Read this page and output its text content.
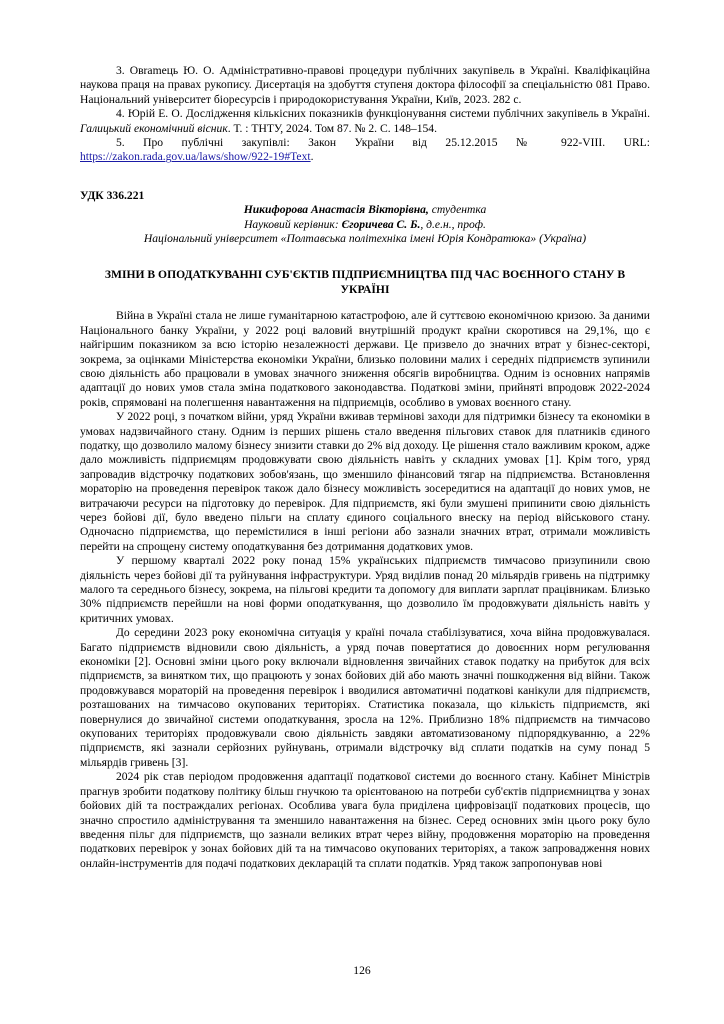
3. Овramець Ю. О. Адміністративно-правові процедури публічних закупівель в Україні. Кваліфікаційна наукова праця на правах рукопису. Дисертація на здобуття ступеня доктора філософії за спеціальністю 081 Право. Національний університет біоресурсів і природокористування України, Київ, 2023. 282 с.

4. Юрій Е. О. Дослідження кількісних показників функціонування системи публічних закупівель в Україні. Галицький економічний вісник. Т. : ТНТУ, 2024. Том 87. № 2. С. 148–154.

5. Про публічні закупівлі: Закон України від 25.12.2015 № 922-VIII. URL: https://zakon.rada.gov.ua/laws/show/922-19#Text.

УДК 336.221

Никифорова Анастасія Вікторівна, студентка

Науковий керівник: Єгоричева С. Б., д.е.н., проф.

Національний університет «Полтавська політехніка імені Юрія Кондратюка» (Україна)

ЗМІНИ В ОПОДАТКУВАННІ СУБ'ЄКТІВ ПІДПРИЄМНИЦТВА ПІД ЧАС ВОЄННОГО СТАНУ В УКРАЇНІ

Війна в Україні стала не лише гуманітарною катастрофою, але й суттєвою економічною кризою. За даними Національного банку України, у 2022 році валовий внутрішній продукт країни скоротився на 29,1%, що є найгіршим показником за всю історію незалежності держави. Це призвело до значних втрат у бізнес-секторі, зокрема, за оцінками Міністерства економіки України, близько половини малих і середніх підприємств зупинили свою діяльність або працювали в умовах значного зниження обсягів виробництва. Одним із основних напрямів адаптації до нових умов стала зміна податкового законодавства. Податкові зміни, прийняті впродовж 2022-2024 років, спрямовані на полегшення навантаження на підприємців, особливо в умовах воєнного стану.

У 2022 році, з початком війни, уряд України вживав термінові заходи для підтримки бізнесу та економіки в умовах надзвичайного стану. Одним із перших рішень стало введення пільгових ставок для платників єдиного податку, що дозволило малому бізнесу знизити ставки до 2% від доходу. Це рішення стало важливим кроком, адже дало можливість підприємцям продовжувати свою діяльність навіть у складних умовах [1]. Крім того, уряд запровадив відстрочку податкових зобов'язань, що зменшило фінансовий тягар на підприємства. Встановлення мораторію на проведення перевірок також дало бізнесу можливість зосередитися на адаптації до нових умов, не витрачаючи ресурси на підготовку до перевірок. Для підприємств, які були змушені припинити свою діяльність через бойові дії, було введено пільги на сплату єдиного соціального внеску на період військового стану. Одночасно підприємства, що перемістилися в інші регіони або зазнали значних втрат, отримали можливість перейти на спрощену систему оподаткування без дотримання додаткових умов.

У першому кварталі 2022 року понад 15% українських підприємств тимчасово призупинили свою діяльність через бойові дії та руйнування інфраструктури. Уряд виділив понад 20 мільярдів гривень на підтримку малого та середнього бізнесу, зокрема, на пільгові кредити та допомогу для виплати зарплат працівникам. Близько 30% підприємств перейшли на нові форми оподаткування, що дозволило їм продовжувати діяльність навіть у критичних умовах.

До середини 2023 року економічна ситуація у країні почала стабілізуватися, хоча війна продовжувалася. Багато підприємств відновили свою діяльність, а уряд почав повертатися до довоєнних норм регулювання економіки [2]. Основні зміни цього року включали відновлення звичайних ставок податку на прибуток для всіх підприємств, за винятком тих, що працюють у зонах бойових дій або мають значні пошкодження від війни. Також продовжувався мораторій на проведення перевірок і вводилися автоматичні податкові канікули для підприємств, розташованих на тимчасово окупованих територіях. Статистика показала, що кількість підприємств, які повернулися до звичайної системи оподаткування, зросла на 12%. Приблизно 18% підприємств на тимчасово окупованих територіях продовжували свою діяльність завдяки автоматизованому підпорядкуванню, а 22% підприємств, які зазнали серйозних руйнувань, отримали відстрочку від сплати податків на суму понад 5 мільярдів гривень [3].

2024 рік став періодом продовження адаптації податкової системи до воєнного стану. Кабінет Міністрів прагнув зробити податкову політику більш гнучкою та орієнтованою на потреби суб'єктів підприємництва у зонах бойових дій та постраждалих регіонах. Особлива увага була приділена цифровізації податкових процесів, що значно спростило адміністрування та зменшило навантаження на бізнес. Серед основних змін цього року було введення пільг для підприємств, що зазнали великих втрат через війну, продовження мораторію на проведення податкових перевірок у зонах бойових дій та на тимчасово окупованих територіях, а також запровадження нових онлайн-інструментів для подачі податкових декларацій та сплати податків. Уряд також запропонував нові

126
